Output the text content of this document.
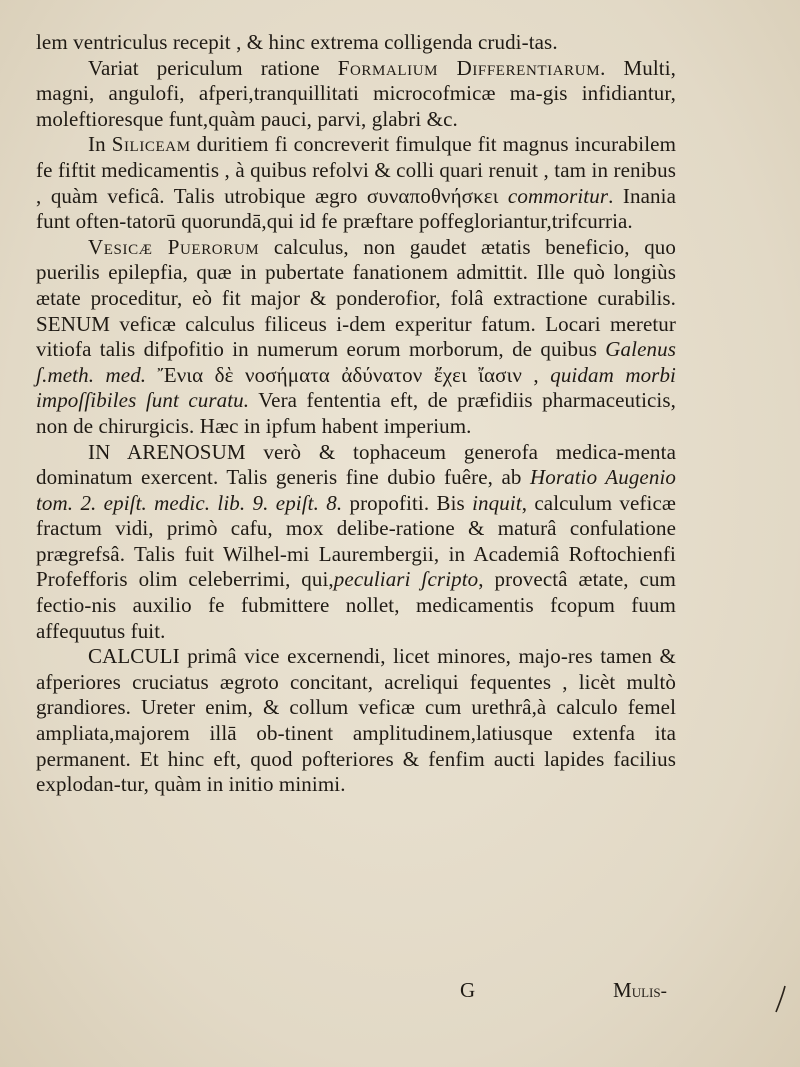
lem ventriculus recepit , & hinc extrema colligenda crudi-tas.

Variat periculum ratione Formalium Differentiarum. Multi, magni, angulofi, afperi,tranquillitati microcofmicæ ma-gis infidiantur, moleftioresque funt,quàm pauci, parvi, glabri &c.

In Siliceam duritiem fi concreverit fimulque fit magnus incurabilem fe fiftit medicamentis , à quibus refolvi & colli quari renuit , tam in renibus , quàm veficâ. Talis utrobique ægro συναποθνήσκει commoritur. Inania funt often-tatorū quorundā,qui id fe præftare poffegloriantur,trifcurria.

Vesicæ Puerorum calculus, non gaudet ætatis beneficio, quo puerilis epilepfia, quæ in pubertate fanationem admittit. Ille quò longiùs ætate proceditur, eò fit major & ponderofior, folâ extractione curabilis. SENUM veficæ calculus filiceus i-dem experitur fatum. Locari meretur vitiofa talis difpofitio in numerum eorum morborum, de quibus Galenus ʃ.meth. med. Ἔνια δὲ νοσήματα ἀδύνατον ἔχει ἴασιν , quidam morbi impoſſibiles ſunt curatu. Vera fententia eft, de præfidiis pharmaceuticis, non de chirurgicis. Hæc in ipfum habent imperium.

IN ARENOSUM verò & tophaceum generofa medica-menta dominatum exercent. Talis generis fine dubio fuêre, ab Horatio Augenio tom. 2. epiſt. medic. lib. 9. epiſt. 8. propofiti. Bis inquit, calculum veficæ fractum vidi, primò cafu, mox delibe-ratione & maturâ confulatione prægrefsâ. Talis fuit Wilhel-mi Laurembergii, in Academiâ Roftochienfi Profefforis olim celeberrimi, qui,peculiari ʃcripto, provectâ ætate, cum fectio-nis auxilio fe fubmittere nollet, medicamentis fcopum fuum affequutus fuit.

CALCULI primâ vice excernendi, licet minores, majo-res tamen & afperiores cruciatus ægroto concitant, acreliqui fequentes , licèt multò grandiores. Ureter enim, & collum veficæ cum urethrâ,à calculo femel ampliata,majorem illā ob-tinent amplitudinem,latiusque extenfa ita permanent. Et hinc eft, quod pofteriores & fenfim aucti lapides facilius explodan-tur, quàm in initio minimi.

G	Mulis-
